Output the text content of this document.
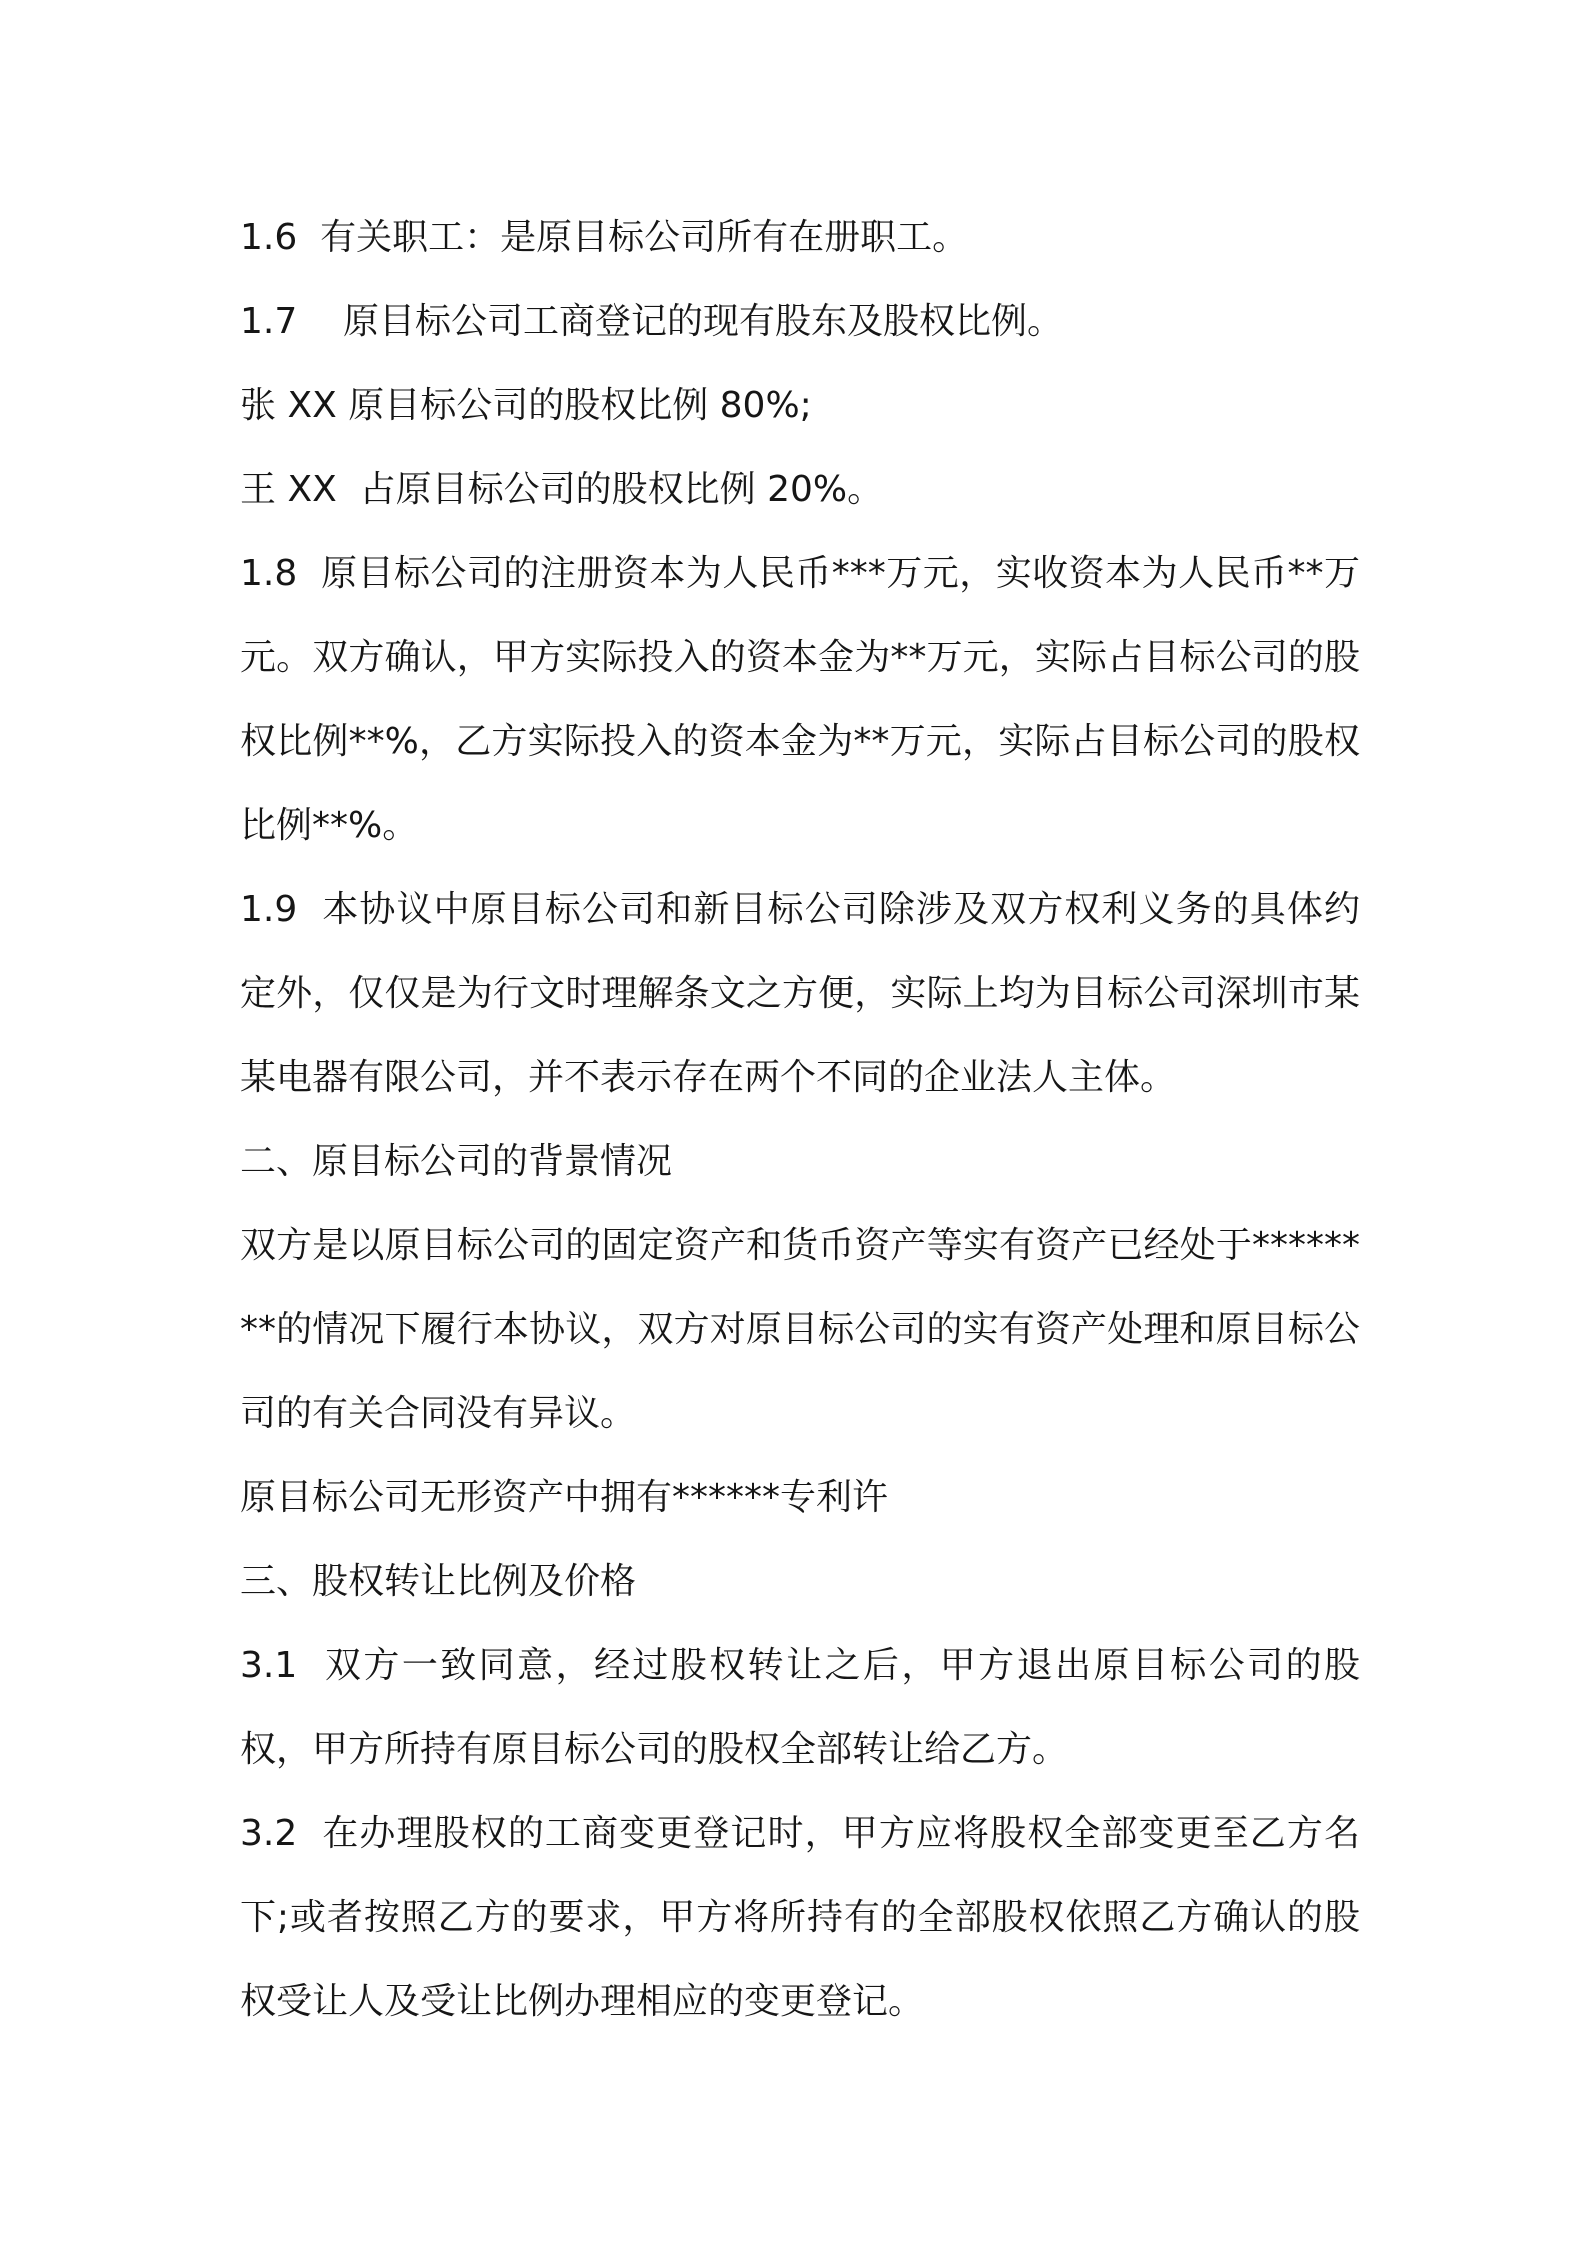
1.6  有关职工：是原目标公司所有在册职工。

1.7    原目标公司工商登记的现有股东及股权比例。

张 XX 原目标公司的股权比例 80%;

王 XX  占原目标公司的股权比例 20%。

1.8  原目标公司的注册资本为人民币***万元，实收资本为人民币**万元。双方确认，甲方实际投入的资本金为**万元，实际占目标公司的股权比例**%，乙方实际投入的资本金为**万元，实际占目标公司的股权比例**%。

1.9  本协议中原目标公司和新目标公司除涉及双方权利义务的具体约定外，仅仅是为行文时理解条文之方便，实际上均为目标公司深圳市某某电器有限公司，并不表示存在两个不同的企业法人主体。

二、原目标公司的背景情况

双方是以原目标公司的固定资产和货币资产等实有资产已经处于********的情况下履行本协议，双方对原目标公司的实有资产处理和原目标公司的有关合同没有异议。

原目标公司无形资产中拥有******专利许

三、股权转让比例及价格

3.1  双方一致同意，经过股权转让之后，甲方退出原目标公司的股权，甲方所持有原目标公司的股权全部转让给乙方。

3.2  在办理股权的工商变更登记时，甲方应将股权全部变更至乙方名下;或者按照乙方的要求，甲方将所持有的全部股权依照乙方确认的股权受让人及受让比例办理相应的变更登记。
